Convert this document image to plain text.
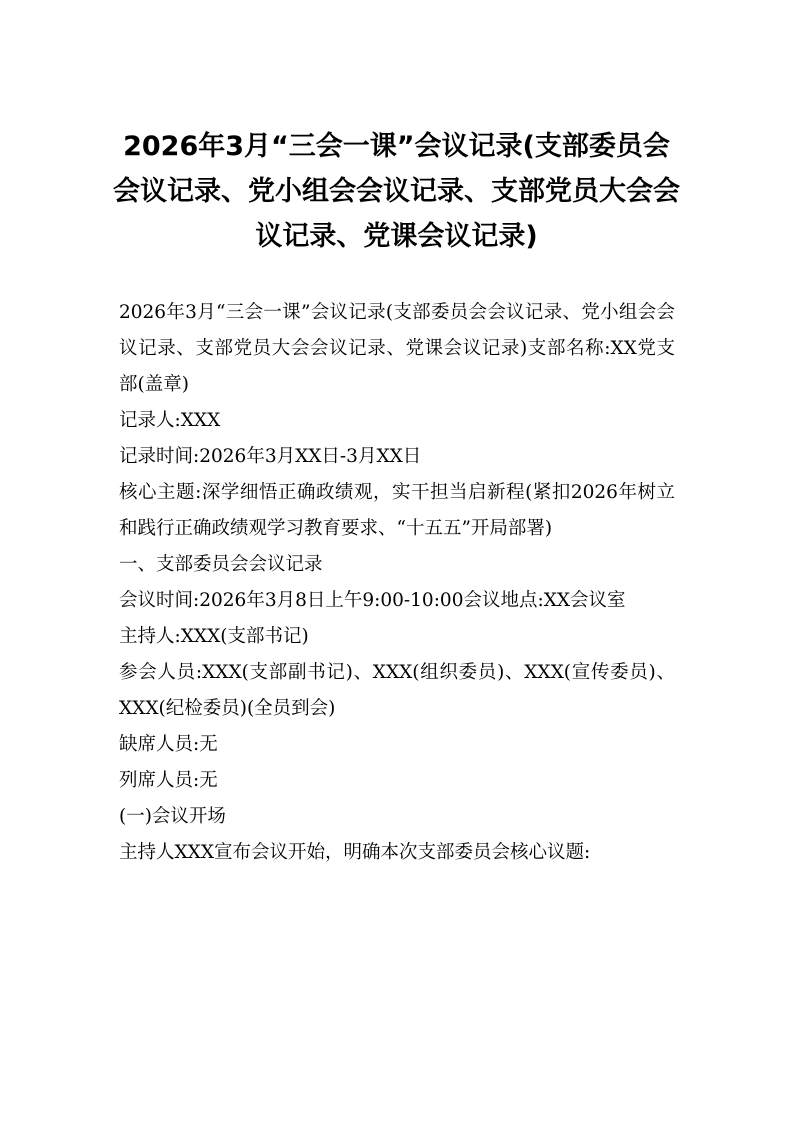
2026年3月“三会一课”会议记录(支部委员会会议记录、党小组会会议记录、支部党员大会会议记录、党课会议记录)

2026年3月“三会一课”会议记录(支部委员会会议记录、党小组会会议记录、支部党员大会会议记录、党课会议记录)支部名称:XX党支部(盖章)

记录人:XXX

记录时间:2026年3月XX日-3月XX日

核心主题:深学细悟正确政绩观，实干担当启新程(紧扣2026年树立和践行正确政绩观学习教育要求、“十五五”开局部署)

一、支部委员会会议记录

会议时间:2026年3月8日上午9:00-10:00会议地点:XX会议室

主持人:XXX(支部书记)

参会人员:XXX(支部副书记)、XXX(组织委员)、XXX(宣传委员)、XXX(纪检委员)(全员到会)

缺席人员:无

列席人员:无

(一)会议开场

主持人XXX宣布会议开始，明确本次支部委员会核心议题:
